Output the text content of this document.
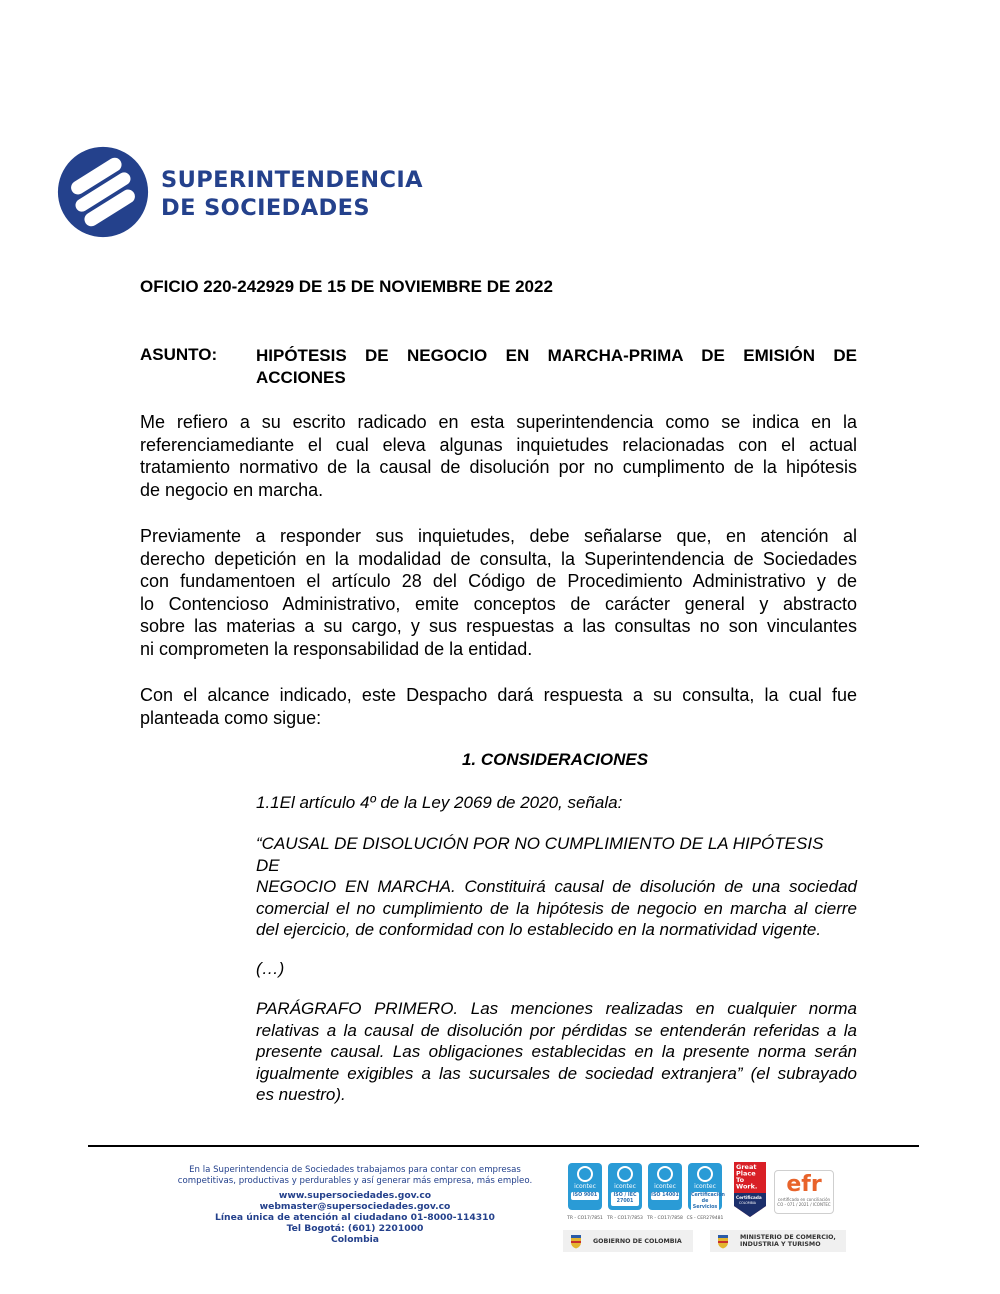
SUPERINTENDENCIA
DE SOCIEDADES
OFICIO 220-242929 DE 15 DE NOVIEMBRE DE 2022
ASUNTO: HIPÓTESIS DE NEGOCIO EN MARCHA-PRIMA DE EMISIÓN DE
ACCIONES
Me refiero a su escrito radicado en esta superintendencia como se indica en la
referenciamediante el cual eleva algunas inquietudes relacionadas con el actual
tratamiento normativo de la causal de disolución por no cumplimento de la hipótesis
de negocio en marcha.
Previamente a responder sus inquietudes, debe señalarse que, en atención al
derecho depetición en la modalidad de consulta, la Superintendencia de Sociedades
con fundamentoen el artículo 28 del Código de Procedimiento Administrativo y de
lo Contencioso Administrativo, emite conceptos de carácter general y abstracto
sobre las materias a su cargo, y sus respuestas a las consultas no son vinculantes
ni comprometen la responsabilidad de la entidad.
Con el alcance indicado, este Despacho dará respuesta a su consulta, la cual fue
planteada como sigue:
1. CONSIDERACIONES
1.1El artículo 4º de la Ley 2069 de 2020, señala:
“CAUSAL DE DISOLUCIÓN POR NO CUMPLIMIENTO DE LA HIPÓTESIS
DE
NEGOCIO EN MARCHA. Constituirá causal de disolución de una sociedad
comercial el no cumplimiento de la hipótesis de negocio en marcha al cierre
del ejercicio, de conformidad con lo establecido en la normatividad vigente.
(…)
PARÁGRAFO PRIMERO. Las menciones realizadas en cualquier norma
relativas a la causal de disolución por pérdidas se entenderán referidas a la
presente causal. Las obligaciones establecidas en la presente norma serán
igualmente exigibles a las sucursales de sociedad extranjera” (el subrayado
es nuestro).
En la Superintendencia de Sociedades trabajamos para contar con empresas
competitivas, productivas y perdurables y así generar más empresa, más empleo.
www.supersociedades.gov.co
webmaster@supersociedades.gov.co
Línea única de atención al ciudadano 01-8000-114310
Tel Bogotá: (601) 2201000
Colombia
icontec
ISO 9001
TR - CO17/7851
icontec
ISO / IEC 27001
TR - CO17/7853
icontec
ISO 14001
TR - CO17/7858
icontec
Certificación de Servicios
CS - CER279481
Great
Place
To
Work.
Certificada
COLOMBIA
efr
certificado en conciliación
CO - 071 / 2021 / ICONTEC
GOBIERNO DE COLOMBIA
MINISTERIO DE COMERCIO,
INDUSTRIA Y TURISMO
